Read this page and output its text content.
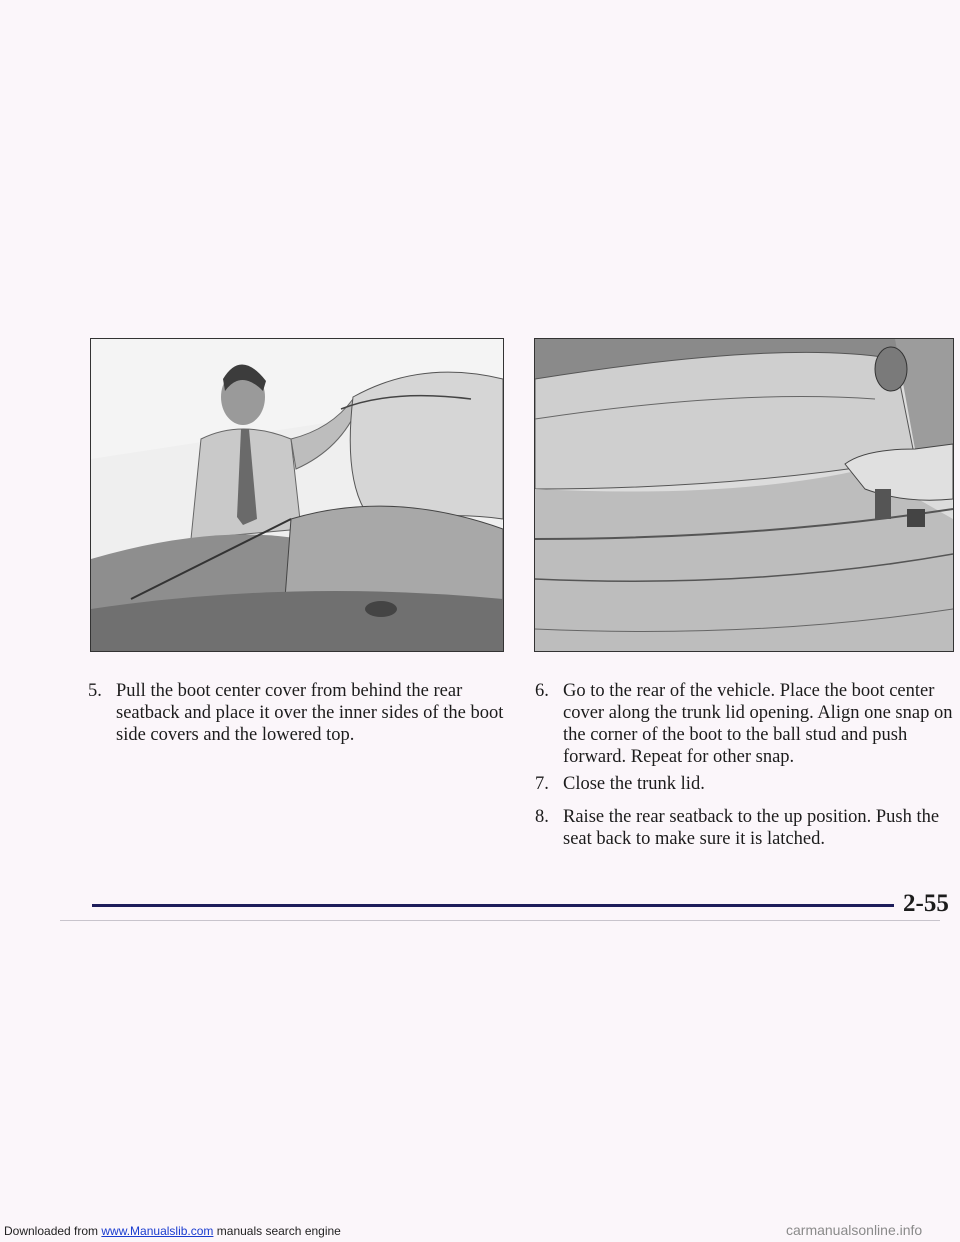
5. Pull the boot center cover from behind the rear seatback and place it over the inner sides of the boot side covers and the lowered top.
6. Go to the rear of the vehicle. Place the boot center cover along the trunk lid opening. Align one snap on the corner of the boot to the ball stud and push forward. Repeat for other snap.
7. Close the trunk lid.
8. Raise the rear seatback to the up position. Push the seat back to make sure it is latched.
2-55
Downloaded from www.Manualslib.com manuals search engine	carmanualsonline.info
